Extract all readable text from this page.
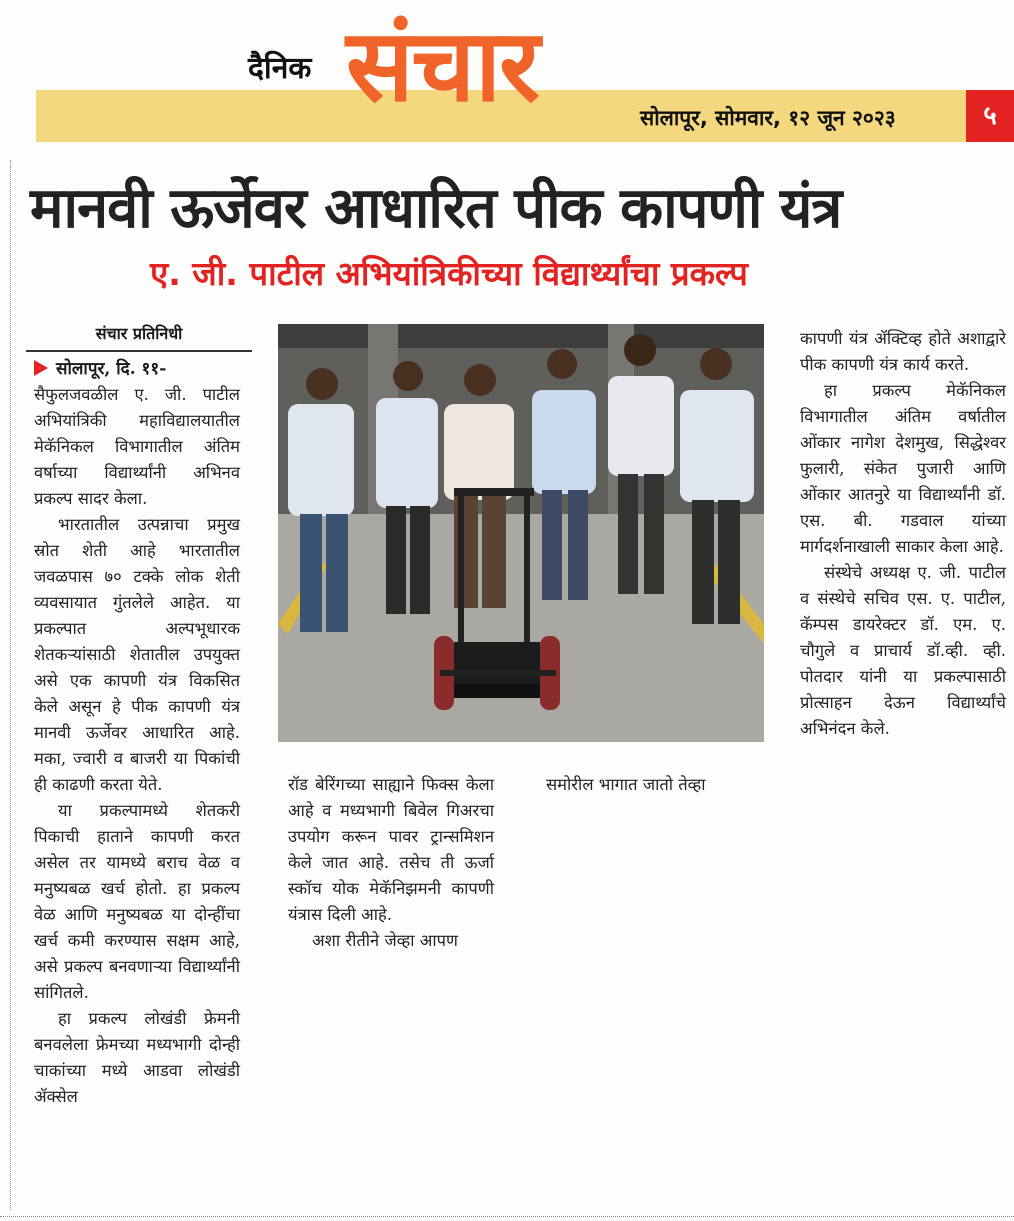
दैनिक संचार	सोलापूर, सोमवार, १२ जून २०२३	५
मानवी ऊर्जेवर आधारित पीक कापणी यंत्र
ए. जी. पाटील अभियांत्रिकीच्या विद्यार्थ्यांचा प्रकल्प
संचार प्रतिनिधी
सोलापूर, दि. ११-

सैफुलजवळील ए. जी. पाटील अभियांत्रिकी महाविद्यालयातील मेकॅनिकल विभागातील अंतिम वर्षाच्या विद्यार्थ्यांनी अभिनव प्रकल्प सादर केला.

भारतातील उत्पन्नाचा प्रमुख स्रोत शेती आहे भारतातील जवळपास ७० टक्के लोक शेती व्यवसायात गुंतलेले आहेत. या प्रकल्पात अल्पभूधारक शेतकऱ्यांसाठी शेतातील उपयुक्त असे एक कापणी यंत्र विकसित केले असून हे पीक कापणी यंत्र मानवी ऊर्जेवर आधारित आहे. मका, ज्वारी व बाजरी या पिकांची ही काढणी करता येते.

या प्रकल्पामध्ये शेतकरी पिकाची हाताने कापणी करत असेल तर यामध्ये बराच वेळ व मनुष्यबळ खर्च होतो. हा प्रकल्प वेळ आणि मनुष्यबळ या दोन्हींचा खर्च कमी करण्यास सक्षम आहे, असे प्रकल्प बनवणाऱ्या विद्यार्थ्यांनी सांगितले.

हा प्रकल्प लोखंडी फ्रेमनी बनवलेला फ्रेमच्या मध्यभागी दोन्ही चाकांच्या मध्ये आडवा लोखंडी ॲक्सेल

रॉड बेरिंगच्या साह्याने फिक्स केला आहे व मध्यभागी बिवेल गिअरचा उपयोग करून पावर ट्रान्समिशन केले जात आहे. तसेच ती ऊर्जा स्कॉच योक मेकॅनिझमनी कापणी यंत्रास दिली आहे.

अशा रीतीने जेव्हा आपण

समोरील भागात जातो तेव्हा

कापणी यंत्र ॲक्टिव्ह होते अशाद्वारे पीक कापणी यंत्र कार्य करते.

हा प्रकल्प मेकॅनिकल विभागातील अंतिम वर्षातील ओंकार नागेश देशमुख, सिद्धेश्वर फुलारी, संकेत पुजारी आणि ओंकार आतनुरे या विद्यार्थ्यांनी डॉ. एस. बी. गडवाल यांच्या मार्गदर्शनाखाली साकार केला आहे.

संस्थेचे अध्यक्ष ए. जी. पाटील व संस्थेचे सचिव एस. ए. पाटील, कॅम्पस डायरेक्टर डॉ. एम. ए. चौगुले व प्राचार्य डॉ.व्ही. व्ही. पोतदार यांनी या प्रकल्पासाठी प्रोत्साहन देऊन विद्यार्थ्यांचे अभिनंदन केले.
